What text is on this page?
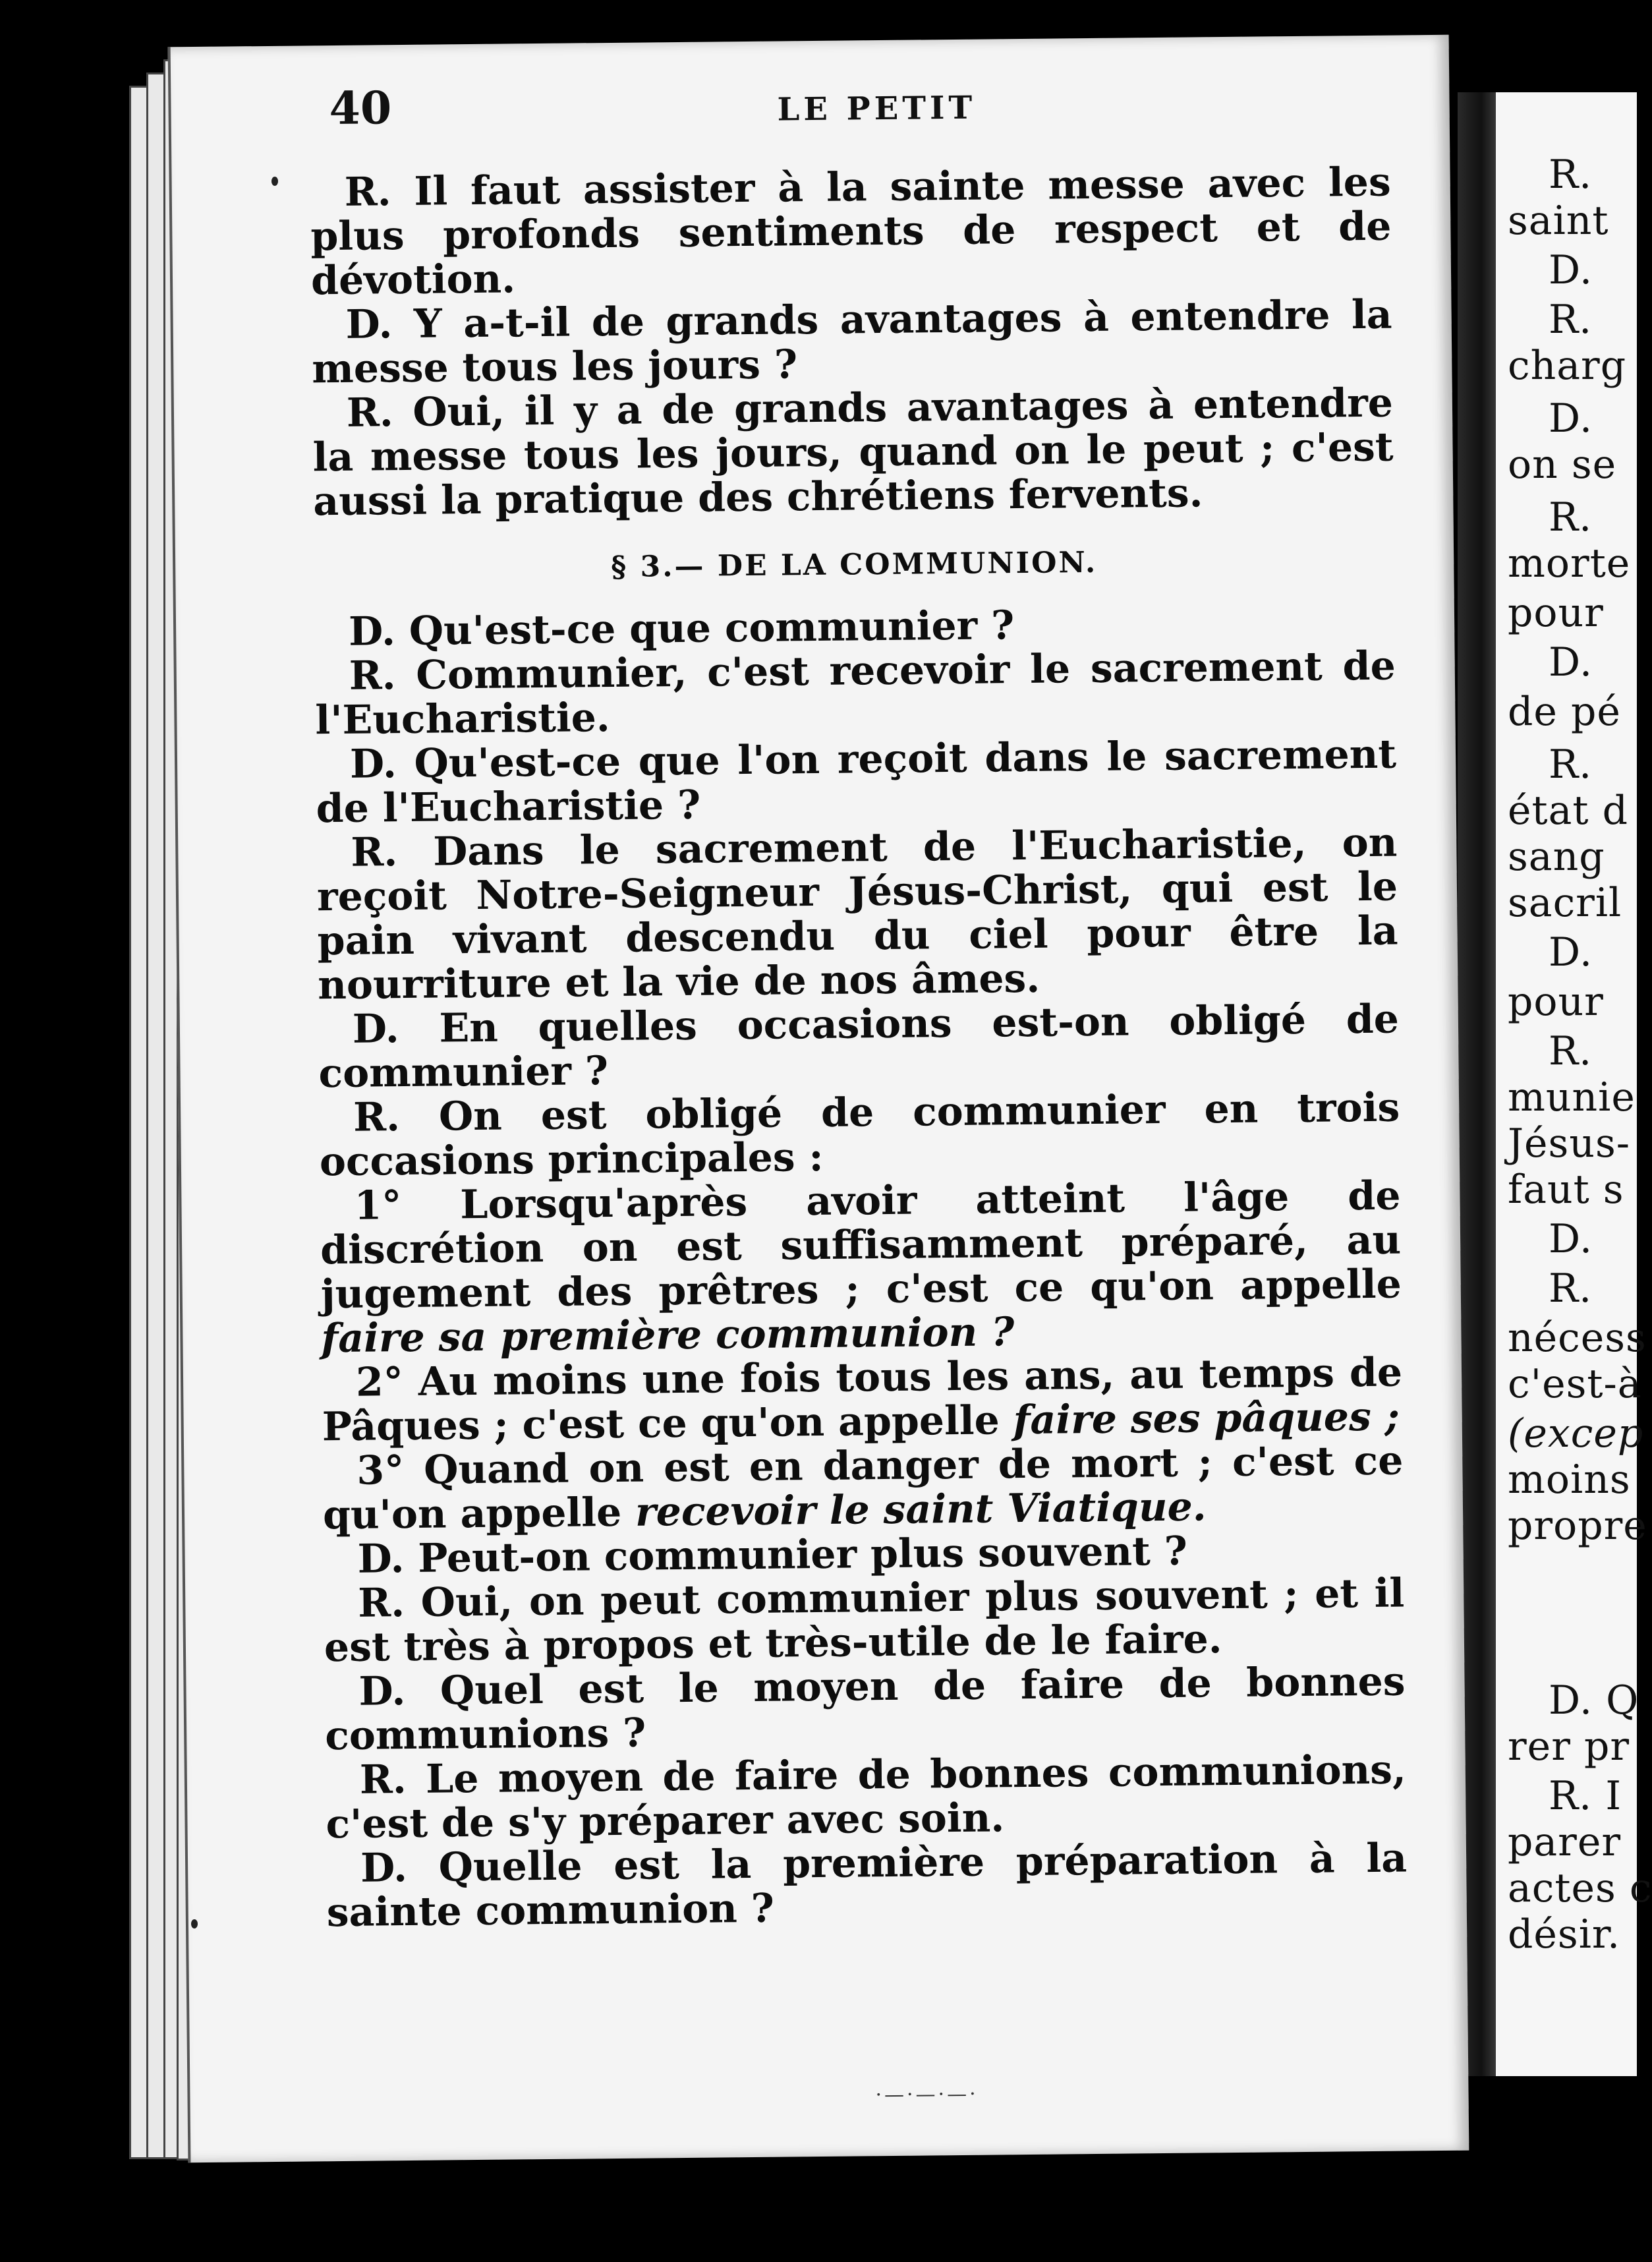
R.
saint
D.
R.
charg
D.
on se
R.
morte
pour
D.
de pé
R.
état d
sang
sacril
D.
pour
R.
munie
Jésus-
faut s
D.
R.
nécess
c'est-à
(excep
moins
propre
D. Q
rer pr
R. I
parer
actes c
désir.
40	LE PETIT

R. Il faut assister à la sainte messe avec les plus profonds sentiments de respect et de dévotion.

D. Y a-t-il de grands avantages à entendre la messe tous les jours ?

R. Oui, il y a de grands avantages à entendre la messe tous les jours, quand on le peut ; c'est aussi la pratique des chrétiens fervents.

§ 3.— DE LA COMMUNION.

D. Qu'est-ce que communier ?

R. Communier, c'est recevoir le sacrement de l'Eucharistie.

D. Qu'est-ce que l'on reçoit dans le sacrement de l'Eucharistie ?

R. Dans le sacrement de l'Eucharistie, on reçoit Notre-Seigneur Jésus-Christ, qui est le pain vivant descendu du ciel pour être la nourriture et la vie de nos âmes.

D. En quelles occasions est-on obligé de communier ?

R. On est obligé de communier en trois occasions principales :

1° Lorsqu'après avoir atteint l'âge de discrétion on est suffisamment préparé, au jugement des prêtres ; c'est ce qu'on appelle faire sa première communion ?

2° Au moins une fois tous les ans, au temps de Pâques ; c'est ce qu'on appelle faire ses pâques ;

3° Quand on est en danger de mort ; c'est ce qu'on appelle recevoir le saint Viatique.

D. Peut-on communier plus souvent ?

R. Oui, on peut communier plus souvent ; et il est très à propos et très-utile de le faire.

D. Quel est le moyen de faire de bonnes communions ?

R. Le moyen de faire de bonnes communions, c'est de s'y préparer avec soin.

D. Quelle est la première préparation à la sainte communion ?

·—·—·—·
